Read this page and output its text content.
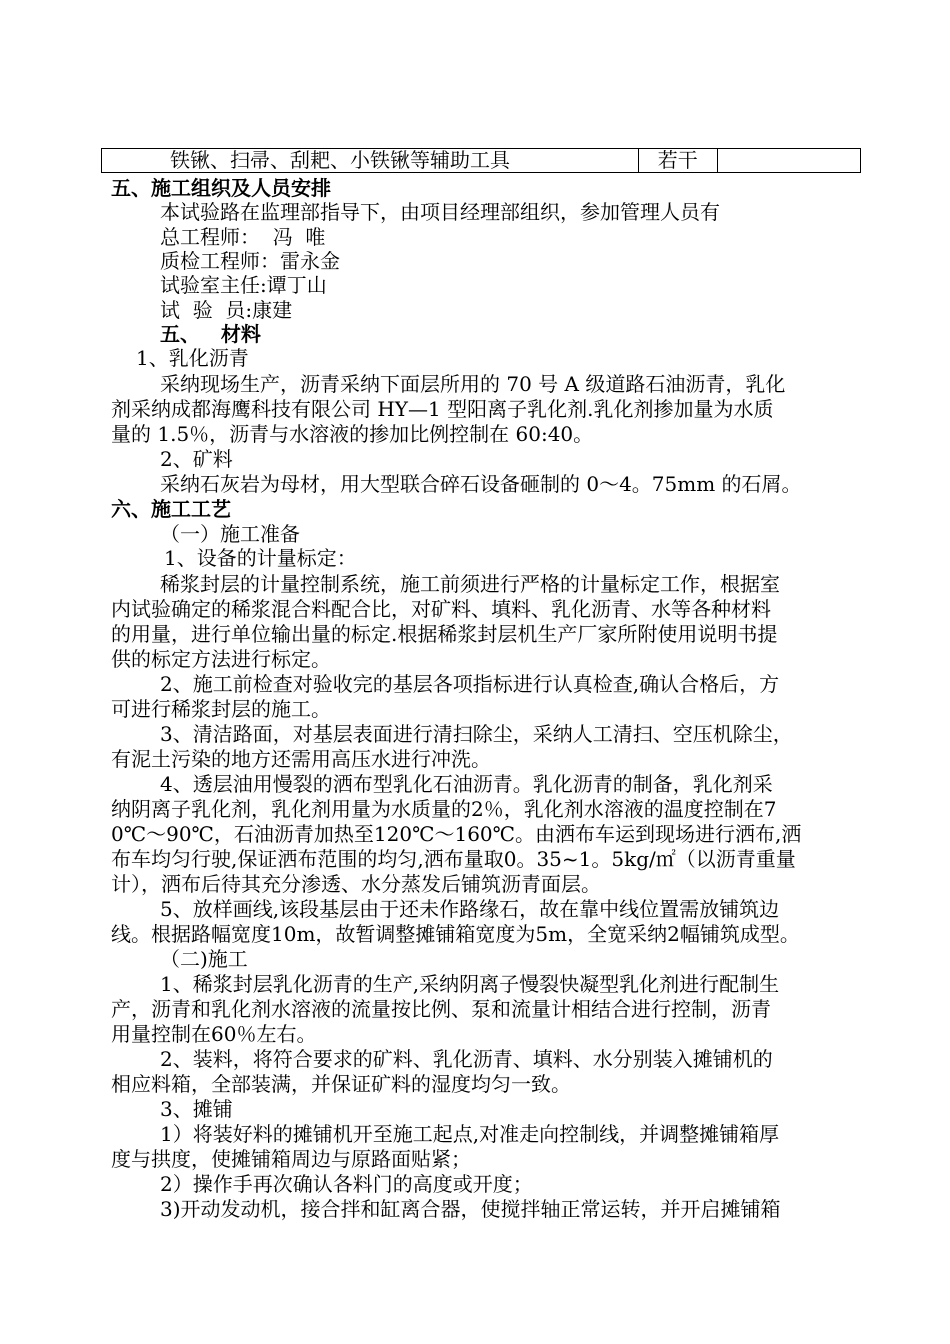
铁锹、扫帚、刮耙、小铁锹等辅助工具	若干	
五、施工组织及人员安排
本试验路在监理部指导下，由项目经理部组织，参加管理人员有
总工程师：  冯  唯
质检工程师：雷永金
试验室主任:谭丁山
试  验  员:康建
五、   材料
1、乳化沥青
采纳现场生产，沥青采纳下面层所用的 70 号 A 级道路石油沥青，乳化
剂采纳成都海鹰科技有限公司 HY—1 型阳离子乳化剂.乳化剂掺加量为水质
量的 1.5％，沥青与水溶液的掺加比例控制在 60:40。
2、矿料
采纳石灰岩为母材，用大型联合碎石设备砸制的 0～4。75mm 的石屑。
六、施工工艺
（一）施工准备
1、设备的计量标定：
稀浆封层的计量控制系统，施工前须进行严格的计量标定工作，根据室
内试验确定的稀浆混合料配合比，对矿料、填料、乳化沥青、水等各种材料
的用量，进行单位输出量的标定.根据稀浆封层机生产厂家所附使用说明书提
供的标定方法进行标定。
2、施工前检查对验收完的基层各项指标进行认真检查,确认合格后，方
可进行稀浆封层的施工。
3、清洁路面，对基层表面进行清扫除尘，采纳人工清扫、空压机除尘，
有泥土污染的地方还需用高压水进行冲洗。
4、透层油用慢裂的洒布型乳化石油沥青。乳化沥青的制备，乳化剂采
纳阴离子乳化剂，乳化剂用量为水质量的2％，乳化剂水溶液的温度控制在7
0℃～90℃，石油沥青加热至120℃～160℃。由洒布车运到现场进行洒布,洒
布车均匀行驶,保证洒布范围的均匀,洒布量取0。35~1。5kg/㎡（以沥青重量
计），洒布后待其充分渗透、水分蒸发后铺筑沥青面层。
5、放样画线,该段基层由于还未作路缘石，故在靠中线位置需放铺筑边
线。根据路幅宽度10m，故暂调整摊铺箱宽度为5m，全宽采纳2幅铺筑成型。
（二)施工
1、稀浆封层乳化沥青的生产,采纳阴离子慢裂快凝型乳化剂进行配制生
产，沥青和乳化剂水溶液的流量按比例、泵和流量计相结合进行控制，沥青
用量控制在60％左右。
2、装料，将符合要求的矿料、乳化沥青、填料、水分别装入摊铺机的
相应料箱，全部装满，并保证矿料的湿度均匀一致。
3、摊铺
1）将装好料的摊铺机开至施工起点,对准走向控制线，并调整摊铺箱厚
度与拱度，使摊铺箱周边与原路面贴紧；
2）操作手再次确认各料门的高度或开度；
3)开动发动机，接合拌和缸离合器，使搅拌轴正常运转，并开启摊铺箱
